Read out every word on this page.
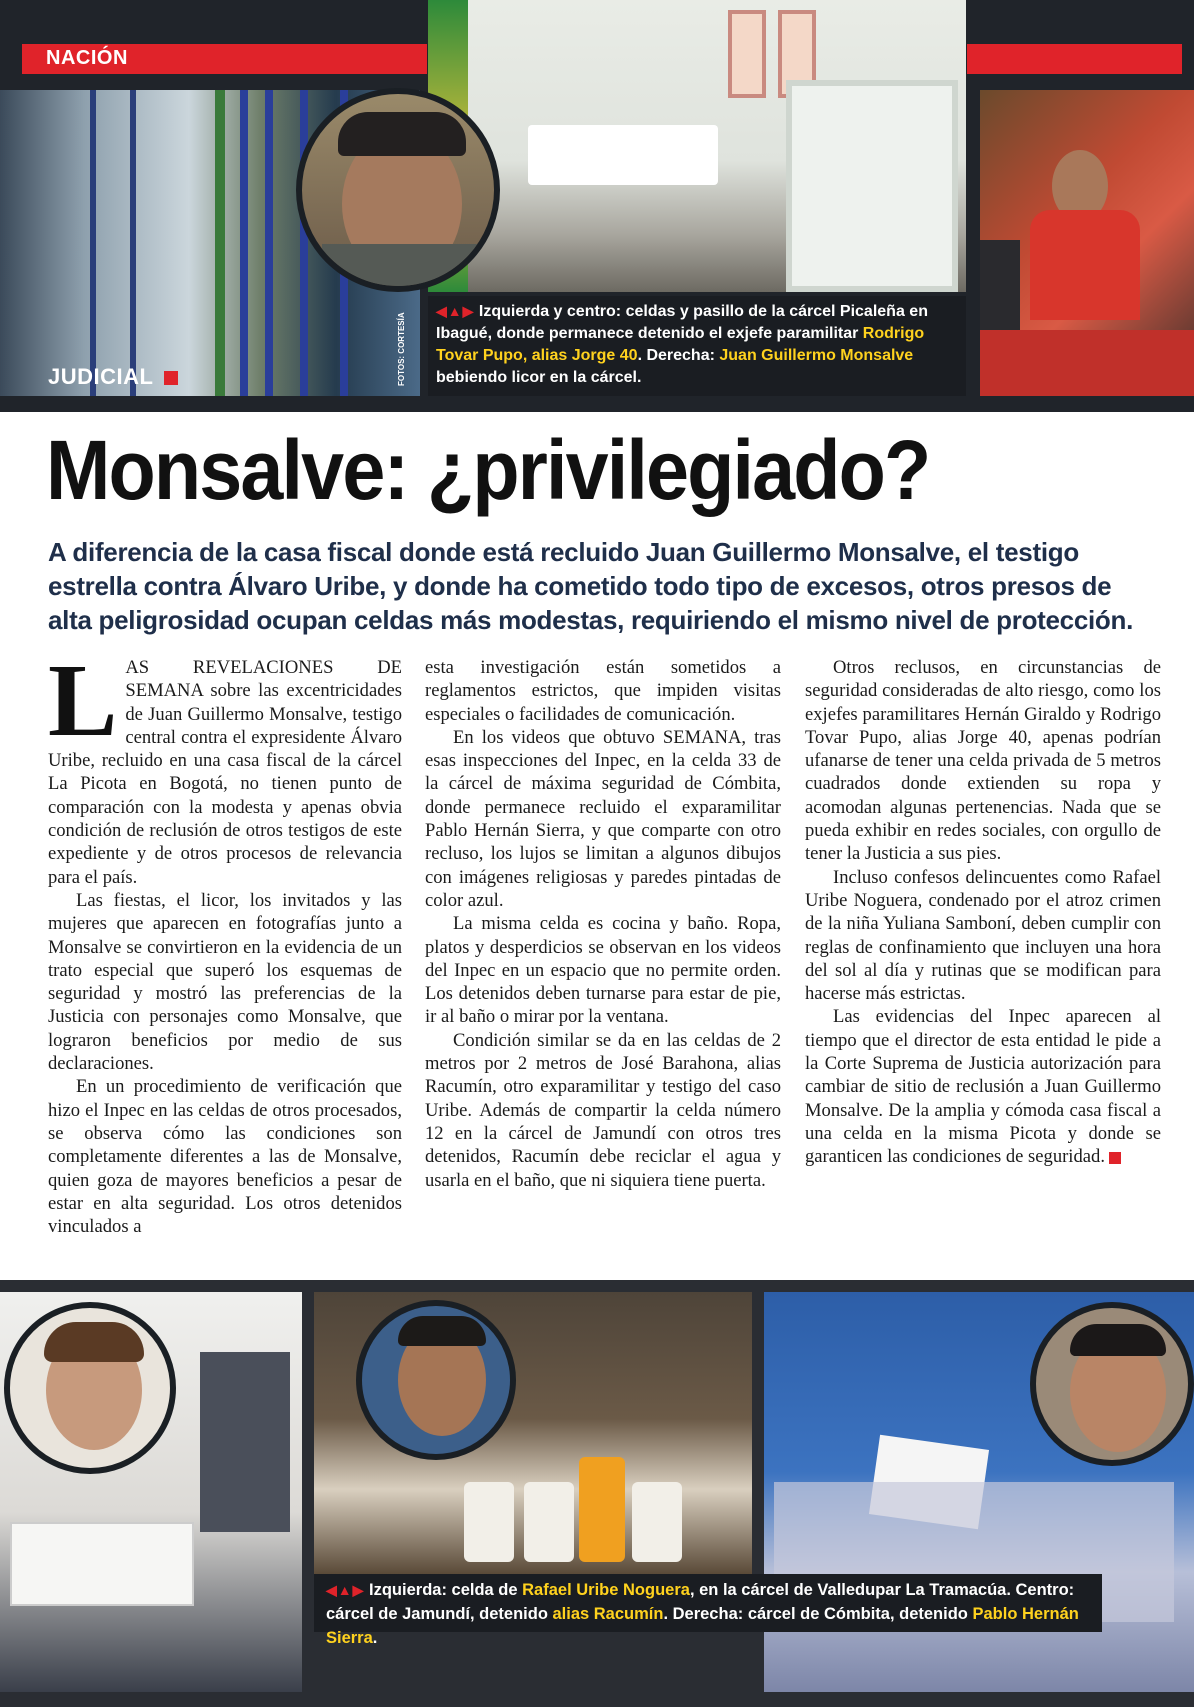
NACIÓN
JUDICIAL	FOTOS: CORTESÍA
◀▲▶ Izquierda y centro: celdas y pasillo de la cárcel Picaleña en Ibagué, donde permanece detenido el exjefe paramilitar Rodrigo Tovar Pupo, alias Jorge 40. Derecha: Juan Guillermo Monsalve bebiendo licor en la cárcel.
Monsalve: ¿privilegiado?
A diferencia de la casa fiscal donde está recluido Juan Guillermo Monsalve, el testigo estrella contra Álvaro Uribe, y donde ha cometido todo tipo de excesos, otros presos de alta peligrosidad ocupan celdas más modestas, requiriendo el mismo nivel de protección.
L AS REVELACIONES DE SEMANA sobre las excentricidades de Juan Guillermo Monsalve, testigo central contra el expresidente Álvaro Uribe, recluido en una casa fiscal de la cárcel La Picota en Bogotá, no tienen punto de comparación con la modesta y apenas obvia condición de reclusión de otros testigos de este expediente y de otros procesos de relevancia para el país.

Las fiestas, el licor, los invitados y las mujeres que aparecen en fotografías junto a Monsalve se convirtieron en la evidencia de un trato especial que superó los esquemas de seguridad y mostró las preferencias de la Justicia con personajes como Monsalve, que lograron beneficios por medio de sus declaraciones.

En un procedimiento de verificación que hizo el Inpec en las celdas de otros procesados, se observa cómo las condiciones son completamente diferentes a las de Monsalve, quien goza de mayores beneficios a pesar de estar en alta seguridad. Los otros detenidos vinculados a

esta investigación están sometidos a reglamentos estrictos, que impiden visitas especiales o facilidades de comunicación.

En los videos que obtuvo SEMANA, tras esas inspecciones del Inpec, en la celda 33 de la cárcel de máxima seguridad de Cómbita, donde permanece recluido el exparamilitar Pablo Hernán Sierra, y que comparte con otro recluso, los lujos se limitan a algunos dibujos con imágenes religiosas y paredes pintadas de color azul.

La misma celda es cocina y baño. Ropa, platos y desperdicios se observan en los videos del Inpec en un espacio que no permite orden. Los detenidos deben turnarse para estar de pie, ir al baño o mirar por la ventana.

Condición similar se da en las celdas de 2 metros por 2 metros de José Barahona, alias Racumín, otro exparamilitar y testigo del caso Uribe. Además de compartir la celda número 12 en la cárcel de Jamundí con otros tres detenidos, Racumín debe reciclar el agua y usarla en el baño, que ni siquiera tiene puerta.

Otros reclusos, en circunstancias de seguridad consideradas de alto riesgo, como los exjefes paramilitares Hernán Giraldo y Rodrigo Tovar Pupo, alias Jorge 40, apenas podrían ufanarse de tener una celda privada de 5 metros cuadrados donde extienden su ropa y acomodan algunas pertenencias. Nada que se pueda exhibir en redes sociales, con orgullo de tener la Justicia a sus pies.

Incluso confesos delincuentes como Rafael Uribe Noguera, condenado por el atroz crimen de la niña Yuliana Samboní, deben cumplir con reglas de confinamiento que incluyen una hora del sol al día y rutinas que se modifican para hacerse más estrictas.

Las evidencias del Inpec aparecen al tiempo que el director de esta entidad le pide a la Corte Suprema de Justicia autorización para cambiar de sitio de reclusión a Juan Guillermo Monsalve. De la amplia y cómoda casa fiscal a una celda en la misma Picota y donde se garanticen las condiciones de seguridad.

◀▲▶ Izquierda: celda de Rafael Uribe Noguera, en la cárcel de Valledupar La Tramacúa. Centro: cárcel de Jamundí, detenido alias Racumín. Derecha: cárcel de Cómbita, detenido Pablo Hernán Sierra.
